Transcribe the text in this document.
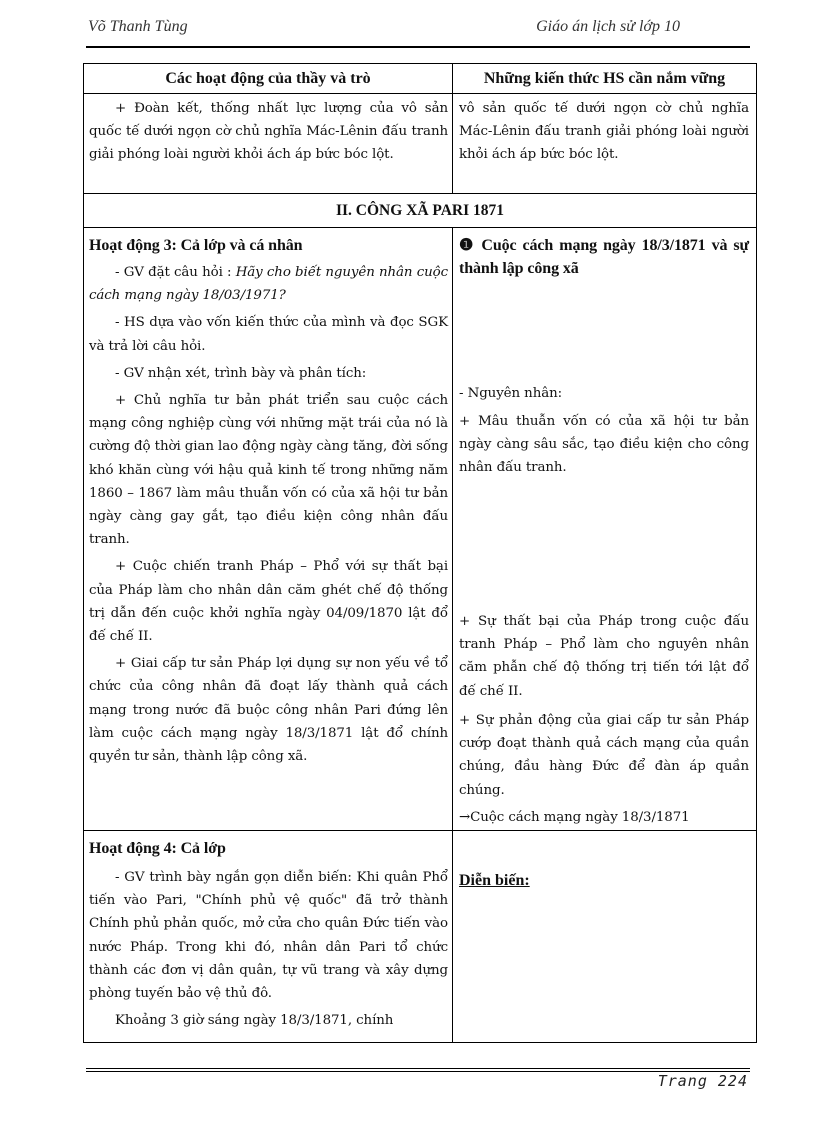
Võ Thanh Tùng	Giáo án lịch sử lớp 10
Các hoạt động của thầy và trò	Những kiến thức HS cần nắm vững

+ Đoàn kết, thống nhất lực lượng của vô sản quốc tế dưới ngọn cờ chủ nghĩa Mác-Lênin đấu tranh giải phóng loài người khỏi ách áp bức bóc lột.

vô sản quốc tế dưới ngọn cờ chủ nghĩa Mác-Lênin đấu tranh giải phóng loài người khỏi ách áp bức bóc lột.

II. CÔNG XÃ PARI 1871

Hoạt động 3: Cả lớp và cá nhân

- GV đặt câu hỏi : Hãy cho biết nguyên nhân cuộc cách mạng ngày 18/03/1971?

- HS dựa vào vốn kiến thức của mình và đọc SGK và trả lời câu hỏi.

- GV nhận xét, trình bày và phân tích:

+ Chủ nghĩa tư bản phát triển sau cuộc cách mạng công nghiệp cùng với những mặt trái của nó là cường độ thời gian lao động ngày càng tăng, đời sống khó khăn cùng với hậu quả kinh tế trong những năm 1860 – 1867 làm mâu thuẫn vốn có của xã hội tư bản ngày càng gay gắt, tạo điều kiện công nhân đấu tranh.

+ Cuộc chiến tranh Pháp – Phổ với sự thất bại của Pháp làm cho nhân dân căm ghét chế độ thống trị dẫn đến cuộc khởi nghĩa ngày 04/09/1870 lật đổ đế chế II.

+ Giai cấp tư sản Pháp lợi dụng sự non yếu về tổ chức của công nhân đã đoạt lấy thành quả cách mạng trong nước đã buộc công nhân Pari đứng lên làm cuộc cách mạng ngày 18/3/1871 lật đổ chính quyền tư sản, thành lập công xã.

❶ Cuộc cách mạng ngày 18/3/1871 và sự thành lập công xã

- Nguyên nhân:
+ Mâu thuẫn vốn có của xã hội tư bản ngày càng sâu sắc, tạo điều kiện cho công nhân đấu tranh.
+ Sự thất bại của Pháp trong cuộc đấu tranh Pháp – Phổ làm cho nguyên nhân căm phẫn chế độ thống trị tiến tới lật đổ đế chế II.
+ Sự phản động của giai cấp tư sản Pháp cướp đoạt thành quả cách mạng của quần chúng, đầu hàng Đức để đàn áp quần chúng.
→Cuộc cách mạng ngày 18/3/1871

Hoạt động 4: Cả lớp

- GV trình bày ngắn gọn diễn biến: Khi quân Phổ tiến vào Pari, "Chính phủ vệ quốc" đã trở thành Chính phủ phản quốc, mở cửa cho quân Đức tiến vào nước Pháp. Trong khi đó, nhân dân Pari tổ chức thành các đơn vị dân quân, tự vũ trang và xây dựng phòng tuyến bảo vệ thủ đô.

Khoảng 3 giờ sáng ngày 18/3/1871, chính

Diễn biến:

Trang 224
